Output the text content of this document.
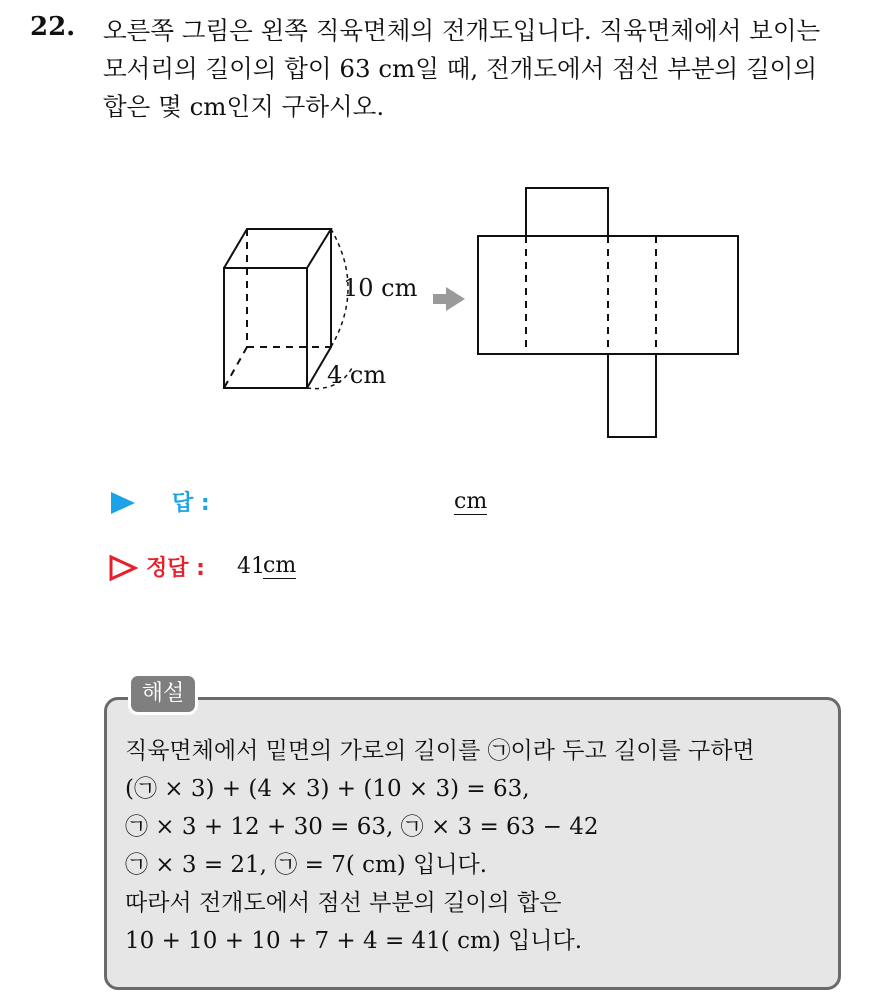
22. 오른쪽 그림은 왼쪽 직육면체의 전개도입니다. 직육면체에서 보이는
모서리의 길이의 합이 63 cm일 때, 전개도에서 점선 부분의 길이의
합은 몇 cm인지 구하시오.
10 cm
4 cm
답 :	cm
정답 : 41
cm
해설
직육면체에서 밑면의 가로의 길이를 ㉠이라 두고 길이를 구하면
(㉠ × 3) + (4 × 3) + (10 × 3) = 63,
㉠ × 3 + 12 + 30 = 63, ㉠ × 3 = 63 − 42
㉠ × 3 = 21, ㉠ = 7( cm) 입니다.
따라서 전개도에서 점선 부분의 길이의 합은
10 + 10 + 10 + 7 + 4 = 41( cm) 입니다.
